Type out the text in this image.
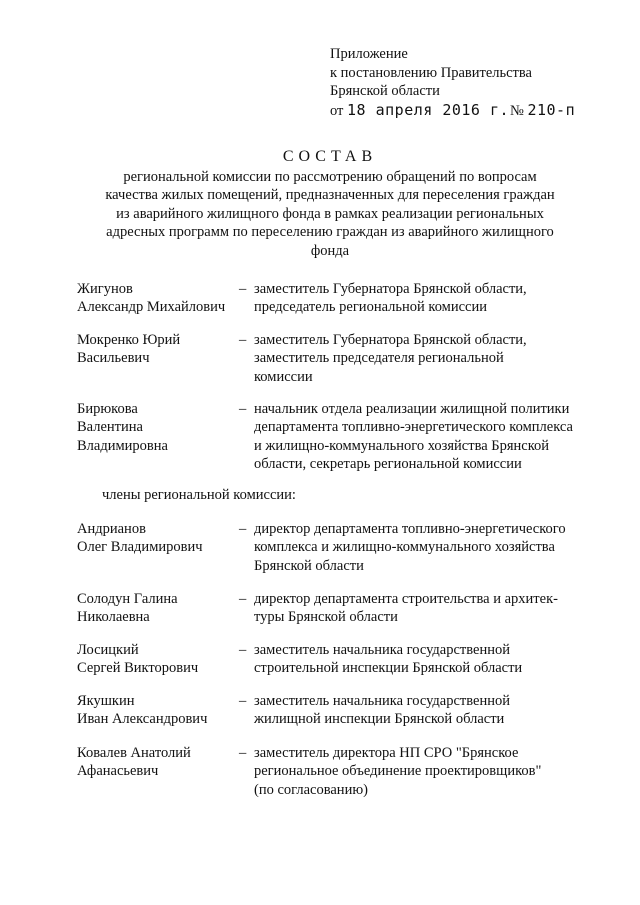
Приложение
к постановлению Правительства
Брянской области
от 18 апреля 2016 г. № 210-п
СОСТАВ
региональной комиссии по рассмотрению обращений по вопросам
качества жилых помещений, предназначенных для переселения граждан
из аварийного жилищного фонда в рамках реализации региональных
адресных программ по переселению граждан из аварийного жилищного
фонда
Жигунов
Александр Михайлович
– заместитель Губернатора Брянской области,
председатель региональной комиссии
Мокренко Юрий
Васильевич
– заместитель Губернатора Брянской области,
заместитель председателя региональной
комиссии
Бирюкова
Валентина
Владимировна
– начальник отдела реализации жилищной политики
департамента топливно-энергетического комплекса
и жилищно-коммунального хозяйства Брянской
области, секретарь региональной комиссии
члены региональной комиссии:
Андрианов
Олег Владимирович
– директор департамента топливно-энергетического
комплекса и жилищно-коммунального хозяйства
Брянской области
Солодун Галина
Николаевна
– директор департамента строительства и архитек-
туры Брянской области
Лосицкий
Сергей Викторович
– заместитель начальника государственной
строительной инспекции Брянской области
Якушкин
Иван Александрович
– заместитель начальника государственной
жилищной инспекции Брянской области
Ковалев Анатолий
Афанасьевич
– заместитель директора НП СРО "Брянское
региональное объединение проектировщиков"
(по согласованию)
